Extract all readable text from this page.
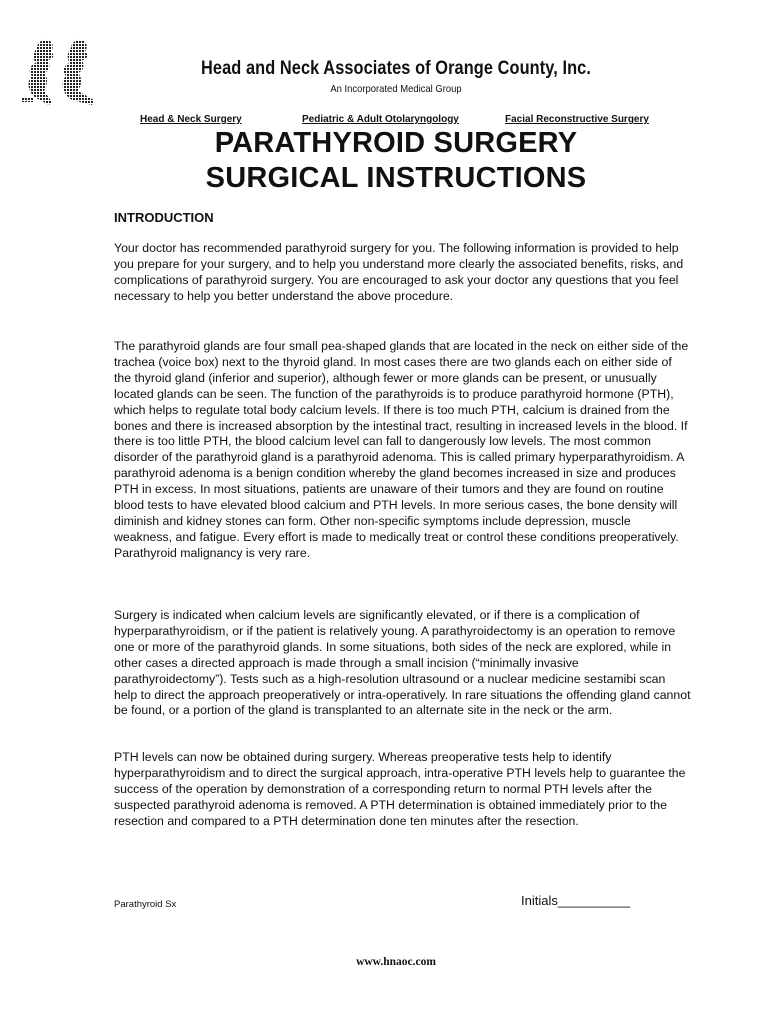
Head and Neck Associates of Orange County, Inc.
An Incorporated Medical Group
Head & Neck Surgery	Pediatric & Adult Otolaryngology	Facial Reconstructive Surgery
PARATHYROID SURGERY
SURGICAL INSTRUCTIONS
INTRODUCTION

Your doctor has recommended parathyroid surgery for you. The following information is provided to help you prepare for your surgery, and to help you understand more clearly the associated benefits, risks, and complications of parathyroid surgery. You are encouraged to ask your doctor any questions that you feel necessary to help you better understand the above procedure.

The parathyroid glands are four small pea-shaped glands that are located in the neck on either side of the trachea (voice box) next to the thyroid gland. In most cases there are two glands each on either side of the thyroid gland (inferior and superior), although fewer or more glands can be present, or unusually located glands can be seen. The function of the parathyroids is to produce parathyroid hormone (PTH), which helps to regulate total body calcium levels. If there is too much PTH, calcium is drained from the bones and there is increased absorption by the intestinal tract, resulting in increased levels in the blood. If there is too little PTH, the blood calcium level can fall to dangerously low levels. The most common disorder of the parathyroid gland is a parathyroid adenoma. This is called primary hyperparathyroidism. A parathyroid adenoma is a benign condition whereby the gland becomes increased in size and produces PTH in excess. In most situations, patients are unaware of their tumors and they are found on routine blood tests to have elevated blood calcium and PTH levels. In more serious cases, the bone density will diminish and kidney stones can form. Other non-specific symptoms include depression, muscle weakness, and fatigue. Every effort is made to medically treat or control these conditions preoperatively. Parathyroid malignancy is very rare.

Surgery is indicated when calcium levels are significantly elevated, or if there is a complication of hyperparathyroidism, or if the patient is relatively young. A parathyroidectomy is an operation to remove one or more of the parathyroid glands. In some situations, both sides of the neck are explored, while in other cases a directed approach is made through a small incision (“minimally invasive parathyroidectomy”). Tests such as a high-resolution ultrasound or a nuclear medicine sestamibi scan help to direct the approach preoperatively or intra-operatively. In rare situations the offending gland cannot be found, or a portion of the gland is transplanted to an alternate site in the neck or the arm.

PTH levels can now be obtained during surgery. Whereas preoperative tests help to identify hyperparathyroidism and to direct the surgical approach, intra-operative PTH levels help to guarantee the success of the operation by demonstration of a corresponding return to normal PTH levels after the suspected parathyroid adenoma is removed. A PTH determination is obtained immediately prior to the resection and compared to a PTH determination done ten minutes after the resection.

Parathyroid Sx	Initials__________
www.hnaoc.com
